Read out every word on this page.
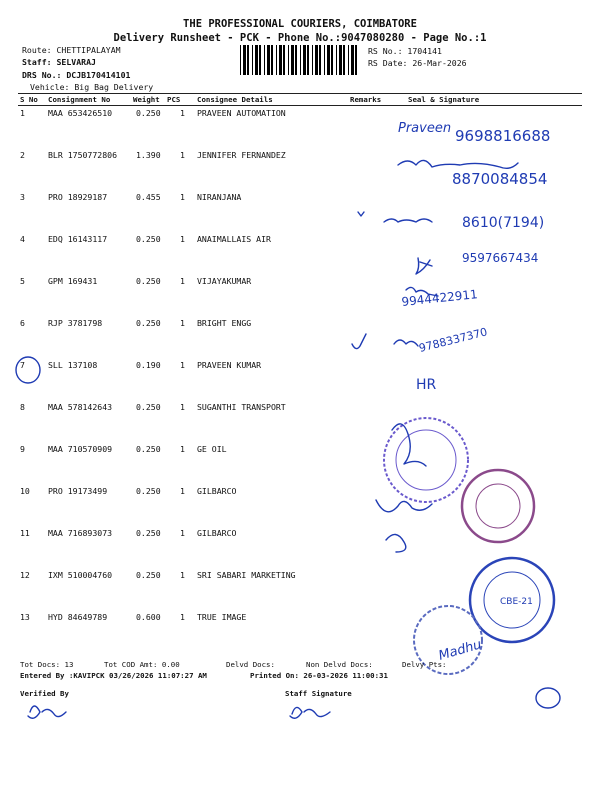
THE PROFESSIONAL COURIERS, COIMBATORE
Delivery Runsheet - PCK - Phone No.:9047080280 - Page No.:1
Route: CHETTIPALAYAM
Staff: SELVARAJ
DRS No.: DCJB170414101
Vehicle: Big Bag Delivery
RS No.: 1704141
RS Date: 26-Mar-2026
S No Consignment No	Weight PCS Consignee Details	Remarks	Seal & Signature
1	MAA 653426510	0.250 1 PRAVEEN AUTOMATION
2	BLR 1750772806 1.390 1 JENNIFER FERNANDEZ
3	PRO 18929187	0.455 1 NIRANJANA
4	EDQ 16143117	0.250 1 ANAIMALLAIS AIR
5	GPM 169431	0.250 1 VIJAYAKUMAR
6	RJP 3781798	0.250 1 BRIGHT ENGG
7	SLL 137108	0.190 1 PRAVEEN KUMAR
8	MAA 578142643	0.250 1 SUGANTHI TRANSPORT
9	MAA 710570909	0.250 1 GE OIL
10 PRO 19173499	0.250 1 GILBARCO
11 MAA 716893073	0.250 1 GILBARCO
12 IXM 510004760	0.250 1 SRI SABARI MARKETING
13 HYD 84649789	0.600 1 TRUE IMAGE
Praveen 9698816688
8870084854
8610(7194)
9597667434
9944422911
9788337370
HR
CBE-21
Madhu
Tot Docs: 13	Tot COD Amt: 0.00	Delvd Docs:	Non Delvd Docs:	Delvy Pts:
Entered By :KAVIPCK 03/26/2026 11:07:27 AM	Printed On: 26-03-2026 11:00:31
Verified By	Staff Signature
